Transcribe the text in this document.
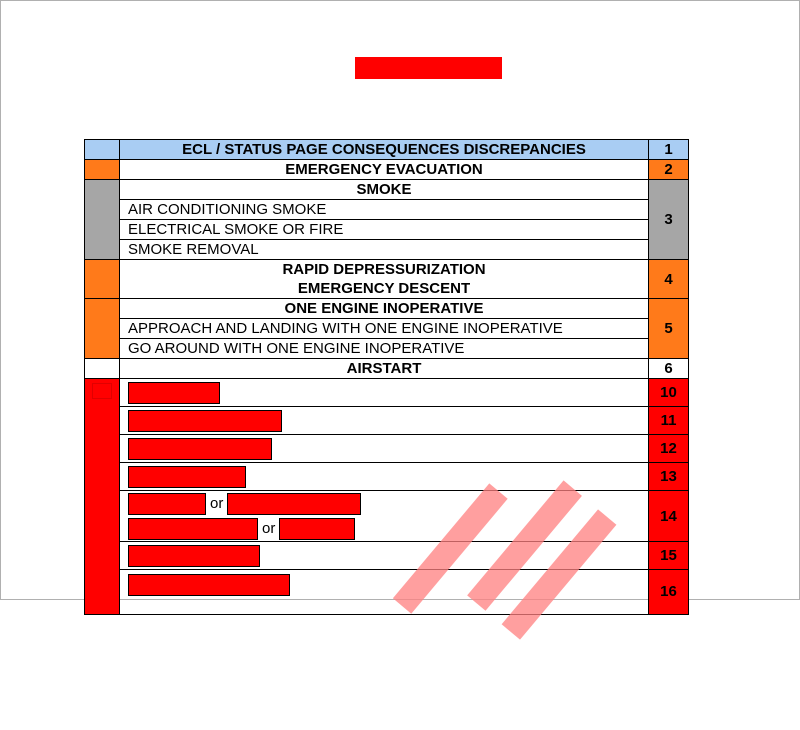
	ECL / STATUS PAGE CONSEQUENCES DISCREPANCIES	1
	EMERGENCY EVACUATION	2
	SMOKE	3
	AIR CONDITIONING SMOKE	
	ELECTRICAL SMOKE OR FIRE	
	SMOKE REMOVAL	

	RAPID DEPRESSURIZATION
EMERGENCY DESCENT	4
	ONE ENGINE INOPERATIVE	5
	APPROACH AND LANDING WITH ONE ENGINE INOPERATIVE	
	GO AROUND WITH ONE ENGINE INOPERATIVE	
	AIRSTART	6

		10
		11
		12
		13

	or
or	14
		15
		16
